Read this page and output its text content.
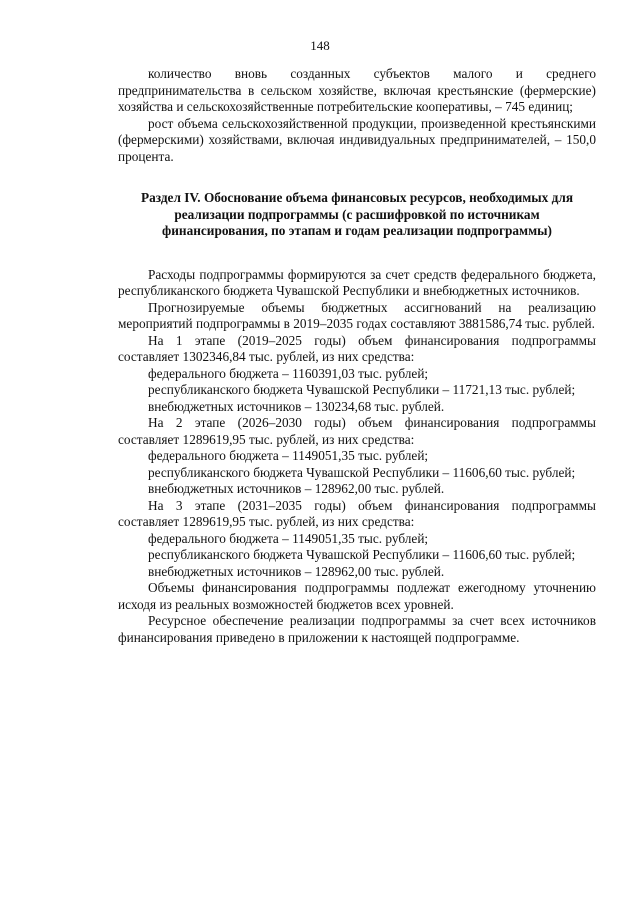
148

количество вновь созданных субъектов малого и среднего предпринимательства в сельском хозяйстве, включая крестьянские (фермерские) хозяйства и сельскохозяйственные потребительские кооперативы, – 745 единиц;

рост объема сельскохозяйственной продукции, произведенной крестьянскими (фермерскими) хозяйствами, включая индивидуальных предпринимателей, – 150,0 процента.

Раздел IV. Обоснование объема финансовых ресурсов, необходимых для реализации подпрограммы (с расшифровкой по источникам финансирования, по этапам и годам реализации подпрограммы)

Расходы подпрограммы формируются за счет средств федерального бюджета, республиканского бюджета Чувашской Республики и внебюджетных источников.

Прогнозируемые объемы бюджетных ассигнований на реализацию мероприятий подпрограммы в 2019–2035 годах составляют 3881586,74 тыс. рублей.

На 1 этапе (2019–2025 годы) объем финансирования подпрограммы составляет 1302346,84 тыс. рублей, из них средства:

федерального бюджета – 1160391,03 тыс. рублей;

республиканского бюджета Чувашской Республики – 11721,13 тыс. рублей;

внебюджетных источников – 130234,68 тыс. рублей.

На 2 этапе (2026–2030 годы) объем финансирования подпрограммы составляет 1289619,95 тыс. рублей, из них средства:

федерального бюджета – 1149051,35 тыс. рублей;

республиканского бюджета Чувашской Республики – 11606,60 тыс. рублей;

внебюджетных источников – 128962,00 тыс. рублей.

На 3 этапе (2031–2035 годы) объем финансирования подпрограммы составляет 1289619,95 тыс. рублей, из них средства:

федерального бюджета – 1149051,35 тыс. рублей;

республиканского бюджета Чувашской Республики – 11606,60 тыс. рублей;

внебюджетных источников – 128962,00 тыс. рублей.

Объемы финансирования подпрограммы подлежат ежегодному уточнению исходя из реальных возможностей бюджетов всех уровней.

Ресурсное обеспечение реализации подпрограммы за счет всех источников финансирования приведено в приложении к настоящей подпрограмме.
